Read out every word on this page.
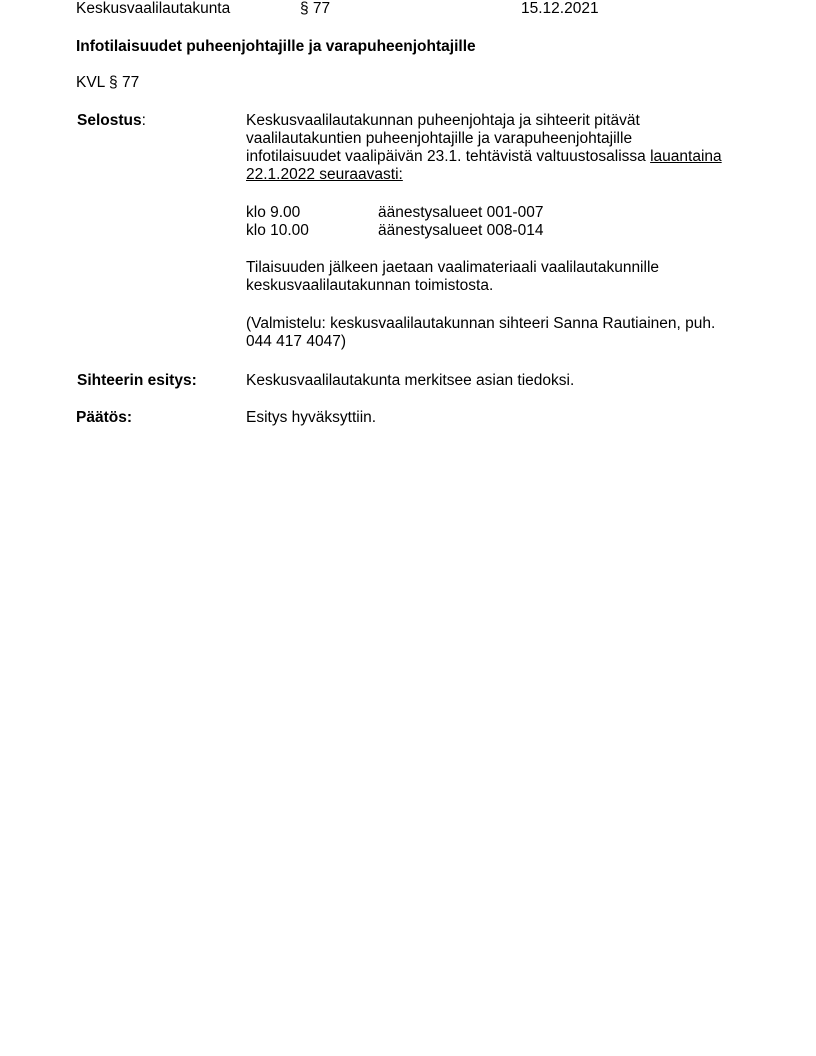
Keskusvaalilautakunta	§ 77	15.12.2021
Infotilaisuudet puheenjohtajille ja varapuheenjohtajille
KVL § 77
Selostus:	Keskusvaalilautakunnan puheenjohtaja ja sihteerit pitävät
vaalilautakuntien puheenjohtajille ja varapuheenjohtajille
infotilaisuudet vaalipäivän 23.1. tehtävistä valtuustosalissa lauantaina
22.1.2022 seuraavasti:
klo 9.00	äänestysalueet 001-007
klo 10.00	äänestysalueet 008-014
Tilaisuuden jälkeen jaetaan vaalimateriaali vaalilautakunnille
keskusvaalilautakunnan toimistosta.
(Valmistelu: keskusvaalilautakunnan sihteeri Sanna Rautiainen, puh.
044 417 4047)
Sihteerin esitys:	Keskusvaalilautakunta merkitsee asian tiedoksi.
Päätös:	Esitys hyväksyttiin.
